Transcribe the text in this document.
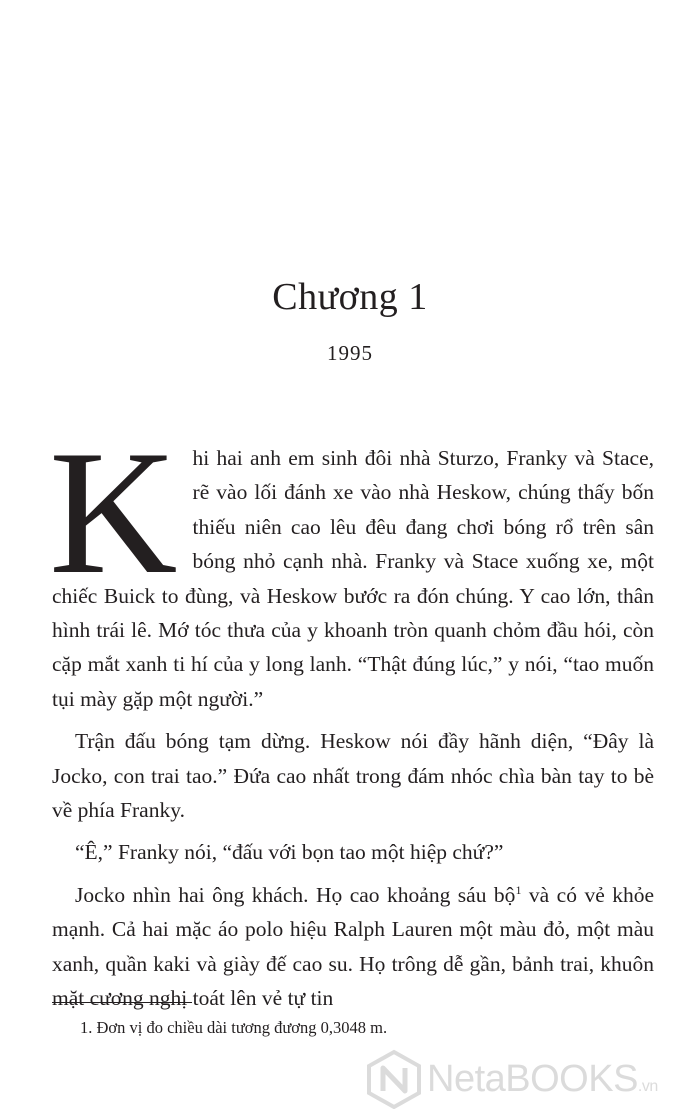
Chương 1
1995

Khi hai anh em sinh đôi nhà Sturzo, Franky và Stace, rẽ vào lối đánh xe vào nhà Heskow, chúng thấy bốn thiếu niên cao lêu đêu đang chơi bóng rổ trên sân bóng nhỏ cạnh nhà. Franky và Stace xuống xe, một chiếc Buick to đùng, và Heskow bước ra đón chúng. Y cao lớn, thân hình trái lê. Mớ tóc thưa của y khoanh tròn quanh chỏm đầu hói, còn cặp mắt xanh ti hí của y long lanh. “Thật đúng lúc,” y nói, “tao muốn tụi mày gặp một người.”

Trận đấu bóng tạm dừng. Heskow nói đầy hãnh diện, “Đây là Jocko, con trai tao.” Đứa cao nhất trong đám nhóc chìa bàn tay to bè về phía Franky.

“Ê,” Franky nói, “đấu với bọn tao một hiệp chứ?”

Jocko nhìn hai ông khách. Họ cao khoảng sáu bộ$^1$ và có vẻ khỏe mạnh. Cả hai mặc áo polo hiệu Ralph Lauren một màu đỏ, một màu xanh, quần kaki và giày đế cao su. Họ trông dễ gần, bảnh trai, khuôn mặt cương nghị toát lên vẻ tự tin

1. Đơn vị đo chiều dài tương đương 0,3048 m.
NetaBOOKS.vn
